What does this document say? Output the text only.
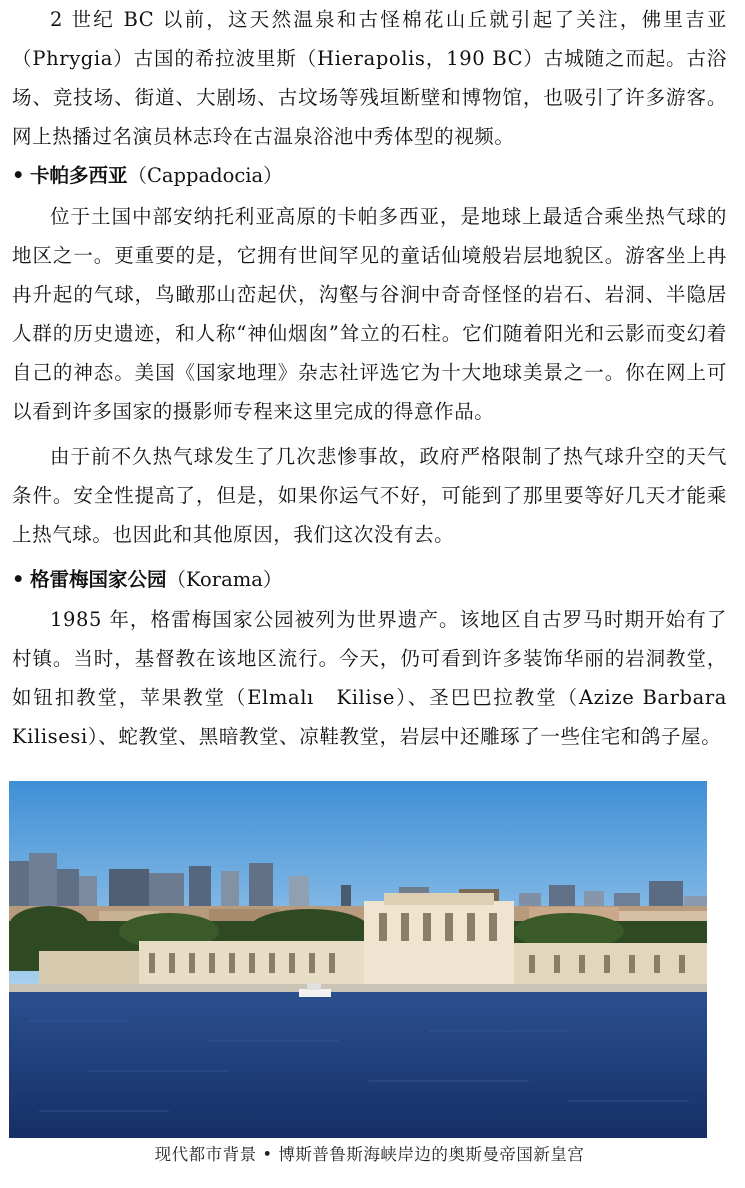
2 世纪 BC 以前，这天然温泉和古怪棉花山丘就引起了关注，佛里吉亚（Phrygia）古国的希拉波里斯（Hierapolis，190 BC）古城随之而起。古浴场、竞技场、街道、大剧场、古坟场等残垣断壁和博物馆，也吸引了许多游客。网上热播过名演员林志玲在古温泉浴池中秀体型的视频。

• 卡帕多西亚（Cappadocia）

位于土国中部安纳托利亚高原的卡帕多西亚，是地球上最适合乘坐热气球的地区之一。更重要的是，它拥有世间罕见的童话仙境般岩层地貌区。游客坐上冉冉升起的气球，鸟瞰那山峦起伏，沟壑与谷涧中奇奇怪怪的岩石、岩洞、半隐居人群的历史遗迹，和人称“神仙烟囱”耸立的石柱。它们随着阳光和云影而变幻着自己的神态。美国《国家地理》杂志社评选它为十大地球美景之一。你在网上可以看到许多国家的摄影师专程来这里完成的得意作品。

由于前不久热气球发生了几次悲惨事故，政府严格限制了热气球升空的天气条件。安全性提高了，但是，如果你运气不好，可能到了那里要等好几天才能乘上热气球。也因此和其他原因，我们这次没有去。

• 格雷梅国家公园（Korama）

1985 年，格雷梅国家公园被列为世界遗产。该地区自古罗马时期开始有了村镇。当时，基督教在该地区流行。今天，仍可看到许多装饰华丽的岩洞教堂，如钮扣教堂，苹果教堂（Elmalı　Kilise）、圣巴巴拉教堂（Azize Barbara Kilisesi）、蛇教堂、黑暗教堂、凉鞋教堂，岩层中还雕琢了一些住宅和鸽子屋。

现代都市背景 • 博斯普鲁斯海峡岸边的奥斯曼帝国新皇宫
